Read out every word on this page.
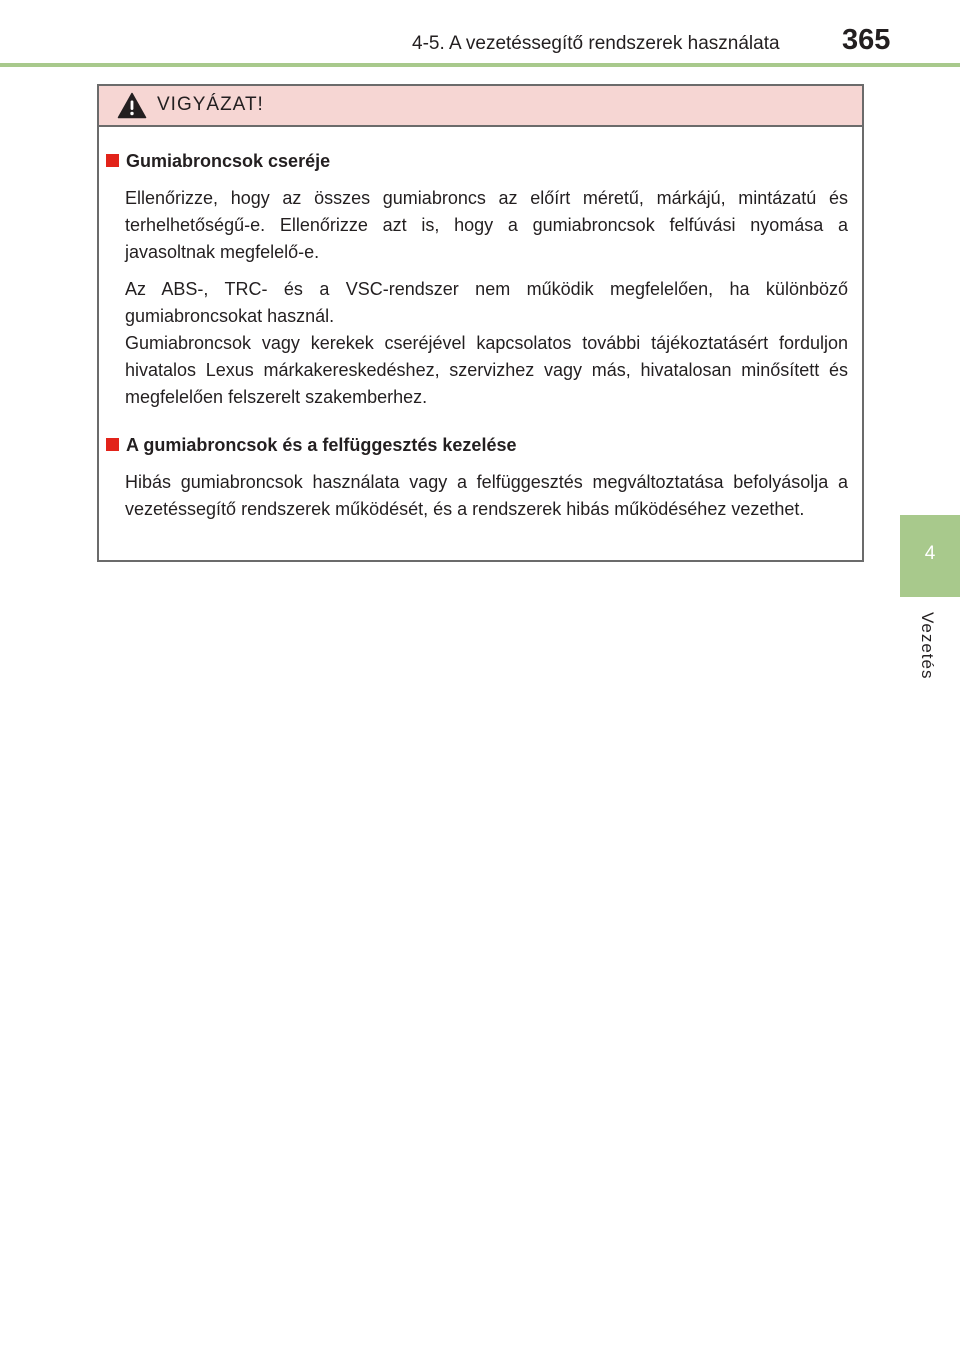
4-5. A vezetéssegítő rendszerek használata 365
4
Vezetés
VIGYÁZAT!
Gumiabroncsok cseréje
Ellenőrizze, hogy az összes gumiabroncs az előírt méretű, márkájú, mintázatú és terhelhetőségű-e. Ellenőrizze azt is, hogy a gumiabroncsok felfúvási nyomása a javasoltnak megfelelő-e.
Az ABS-, TRC- és a VSC-rendszer nem működik megfelelően, ha különböző gumiabroncsokat használ.
Gumiabroncsok vagy kerekek cseréjével kapcsolatos további tájékoztatásért forduljon hivatalos Lexus márkakereskedéshez, szervizhez vagy más, hivatalosan minősített és megfelelően felszerelt szakemberhez.
A gumiabroncsok és a felfüggesztés kezelése
Hibás gumiabroncsok használata vagy a felfüggesztés megváltoztatása befolyásolja a vezetéssegítő rendszerek működését, és a rendszerek hibás működéséhez vezethet.
